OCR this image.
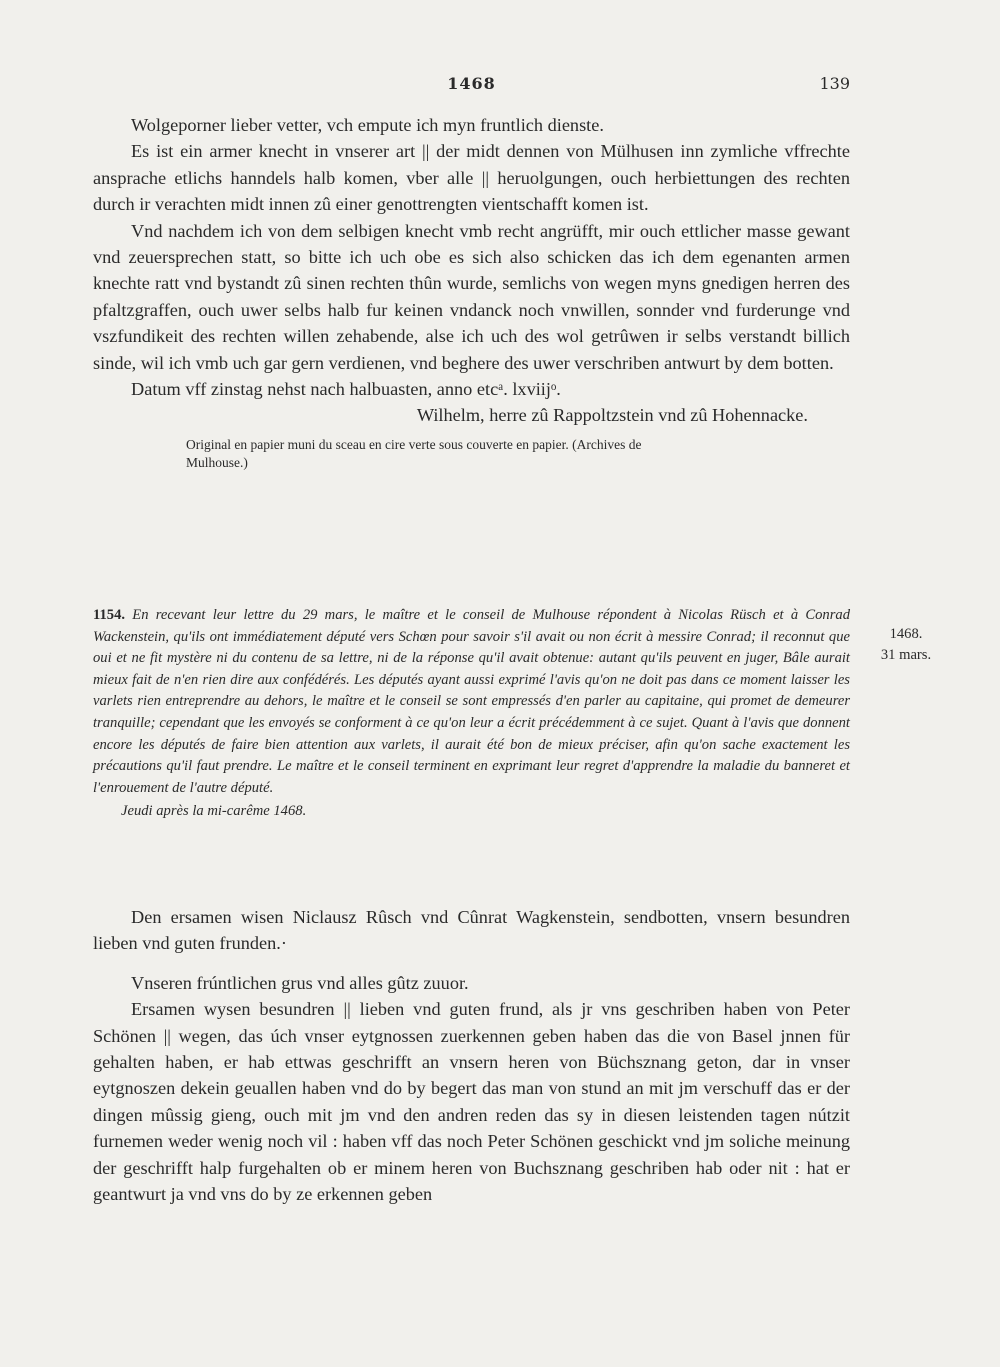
1468	139

Wolgeporner lieber vetter, vch empute ich myn fruntlich dienste.

Es ist ein armer knecht in vnserer art || der midt dennen von Mülhusen inn zymliche vffrechte ansprache etlichs hanndels halb komen, vber alle || heruolgungen, ouch herbiettungen des rechten durch ir verachten midt innen zû einer genottrengten vientschafft komen ist.

Vnd nachdem ich von dem selbigen knecht vmb recht angrüfft, mir ouch ettlicher masse gewant vnd zeuersprechen statt, so bitte ich uch obe es sich also schicken das ich dem egenanten armen knechte ratt vnd bystandt zû sinen rechten thûn wurde, semlichs von wegen myns gnedigen herren des pfaltzgraffen, ouch uwer selbs halb fur keinen vndanck noch vnwillen, sonnder vnd furderunge vnd vszfundikeit des rechten willen zehabende, alse ich uch des wol getrûwen ir selbs verstandt billich sinde, wil ich vmb uch gar gern verdienen, vnd beghere des uwer verschriben antwurt by dem botten.

Datum vff zinstag nehst nach halbuasten, anno etcᵃ. lxviijᵒ.

Wilhelm, herre zû Rappoltzstein vnd zû Hohennacke.

Original en papier muni du sceau en cire verte sous couverte en papier. (Archives de
Mulhouse.)

1154. En recevant leur lettre du 29 mars, le maître et le conseil de Mulhouse répondent à Nicolas Rüsch et à Conrad Wackenstein, qu'ils ont immédiatement député vers Schœn pour savoir s'il avait ou non écrit à messire Conrad; il reconnut que oui et ne fit mystère ni du contenu de sa lettre, ni de la réponse qu'il avait obtenue: autant qu'ils peuvent en juger, Bâle aurait mieux fait de n'en rien dire aux confédérés. Les députés ayant aussi exprimé l'avis qu'on ne doit pas dans ce moment laisser les varlets rien entreprendre au dehors, le maître et le conseil se sont empressés d'en parler au capitaine, qui promet de demeurer tranquille; cependant que les envoyés se conforment à ce qu'on leur a écrit précédemment à ce sujet. Quant à l'avis que donnent encore les députés de faire bien attention aux varlets, il aurait été bon de mieux préciser, afin qu'on sache exactement les précautions qu'il faut prendre. Le maître et le conseil terminent en exprimant leur regret d'apprendre la maladie du banneret et l'enrouement de l'autre député.

Jeudi après la mi-carême 1468.

1468.
31 mars.

Den ersamen wisen Niclausz Rûsch vnd Cûnrat Wagkenstein, sendbotten, vnsern besundren lieben vnd guten frunden.·

Vnseren frúntlichen grus vnd alles gûtz zuuor.

Ersamen wysen besundren || lieben vnd guten frund, als jr vns geschriben haben von Peter Schönen || wegen, das úch vnser eytgnossen zuerkennen geben haben das die von Basel jnnen für gehalten haben, er hab ettwas geschrifft an vnsern heren von Büchsznang geton, dar in vnser eytgnoszen dekein geuallen haben vnd do by begert das man von stund an mit jm verschuff das er der dingen mûssig gieng, ouch mit jm vnd den andren reden das sy in diesen leistenden tagen nútzit furnemen weder wenig noch vil : haben vff das noch Peter Schönen geschickt vnd jm soliche meinung der geschrifft halp furgehalten ob er minem heren von Buchsznang geschriben hab oder nit : hat er geantwurt ja vnd vns do by ze erkennen geben
